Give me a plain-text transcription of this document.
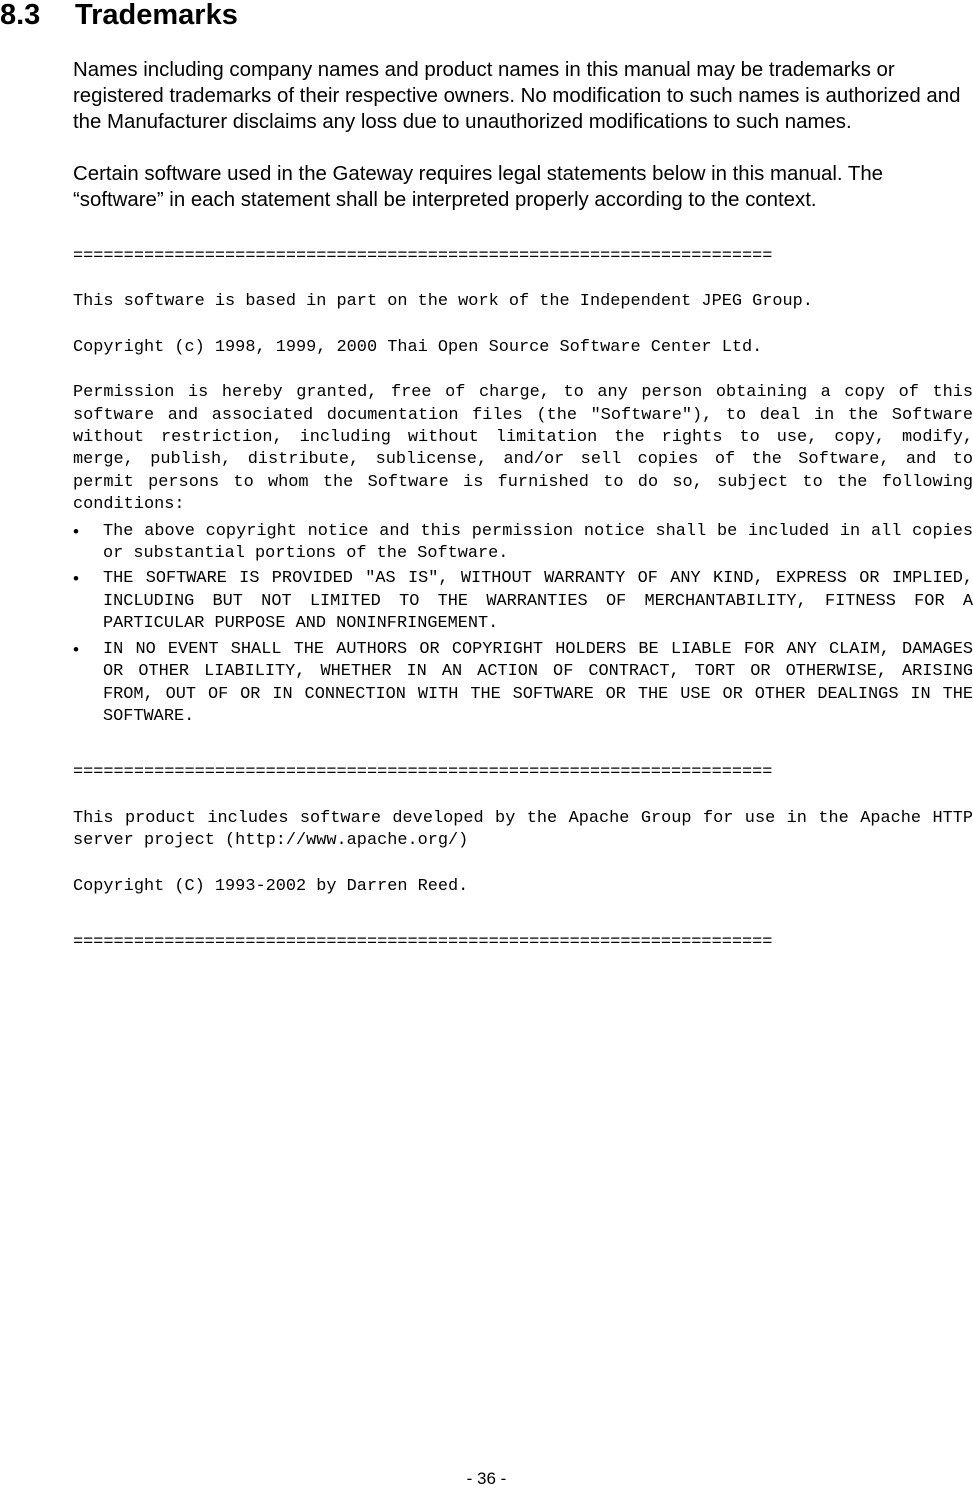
8.3 Trademarks

Names including company names and product names in this manual may be trademarks or registered trademarks of their respective owners. No modification to such names is authorized and the Manufacturer disclaims any loss due to unauthorized modifications to such names.

Certain software used in the Gateway requires legal statements below in this manual. The “software” in each statement shall be interpreted properly according to the context.

=====================================================================

This software is based in part on the work of the Independent JPEG Group.

Copyright (c) 1998, 1999, 2000 Thai Open Source Software Center Ltd.

Permission is hereby granted, free of charge, to any person obtaining a copy of this software and associated documentation files (the "Software"), to deal in the Software without restriction, including without limitation the rights to use, copy, modify, merge, publish, distribute, sublicense, and/or sell copies of the Software, and to permit persons to whom the Software is furnished to do so, subject to the following conditions:

• The above copyright notice and this permission notice shall be included in all copies or substantial portions of the Software.
• THE SOFTWARE IS PROVIDED "AS IS", WITHOUT WARRANTY OF ANY KIND, EXPRESS OR IMPLIED, INCLUDING BUT NOT LIMITED TO THE WARRANTIES OF MERCHANTABILITY, FITNESS FOR A PARTICULAR PURPOSE AND NONINFRINGEMENT.
• IN NO EVENT SHALL THE AUTHORS OR COPYRIGHT HOLDERS BE LIABLE FOR ANY CLAIM, DAMAGES OR OTHER LIABILITY, WHETHER IN AN ACTION OF CONTRACT, TORT OR OTHERWISE, ARISING FROM, OUT OF OR IN CONNECTION WITH THE SOFTWARE OR THE USE OR OTHER DEALINGS IN THE SOFTWARE.
=====================================================================

This product includes software developed by the Apache Group for use in the Apache HTTP server project (http://www.apache.org/)

Copyright (C) 1993-2002 by Darren Reed.

=====================================================================
- 36 -
